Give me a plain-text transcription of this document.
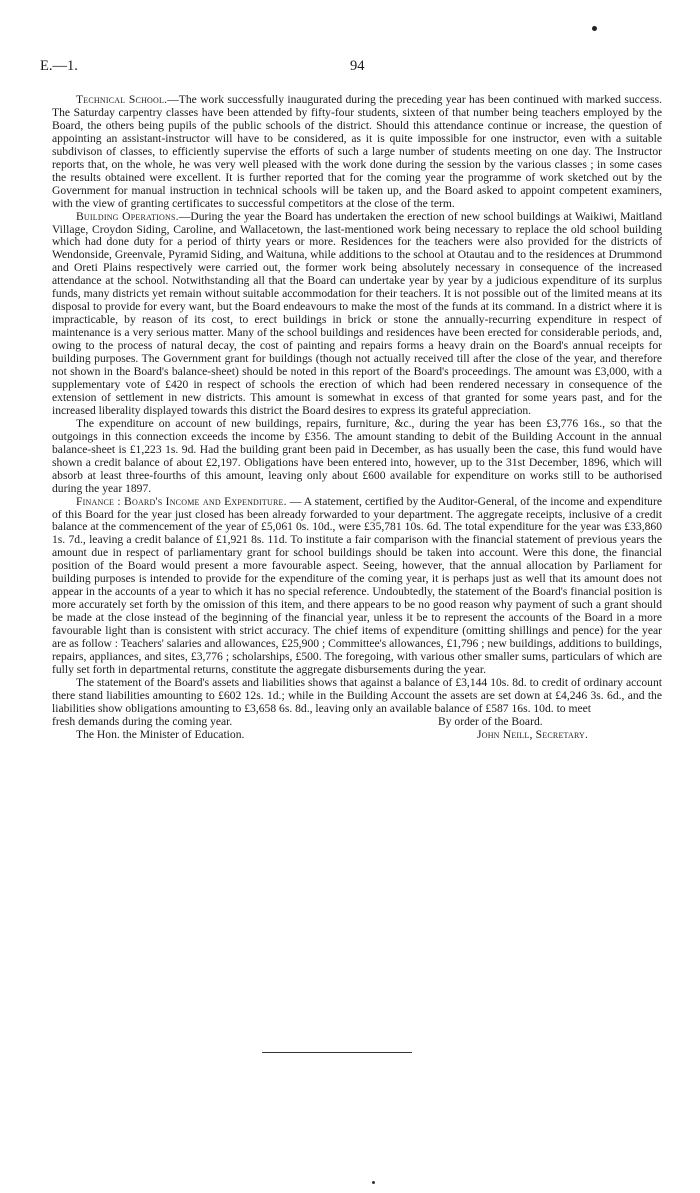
E.—1.	94

Technical School.—The work successfully inaugurated during the preceding year has been continued with marked success. The Saturday carpentry classes have been attended by fifty-four students, sixteen of that number being teachers employed by the Board, the others being pupils of the public schools of the district. Should this attendance continue or increase, the question of appointing an assistant-instructor will have to be considered, as it is quite impossible for one instructor, even with a suitable subdivison of classes, to efficiently supervise the efforts of such a large number of students meeting on one day. The Instructor reports that, on the whole, he was very well pleased with the work done during the session by the various classes ; in some cases the results obtained were excellent. It is further reported that for the coming year the programme of work sketched out by the Government for manual instruction in technical schools will be taken up, and the Board asked to appoint competent examiners, with the view of granting certificates to successful competitors at the close of the term.

Building Operations.—During the year the Board has undertaken the erection of new school buildings at Waikiwi, Maitland Village, Croydon Siding, Caroline, and Wallacetown, the last-mentioned work being necessary to replace the old school building which had done duty for a period of thirty years or more. Residences for the teachers were also provided for the districts of Wendonside, Greenvale, Pyramid Siding, and Waituna, while additions to the school at Otautau and to the residences at Drummond and Oreti Plains respectively were carried out, the former work being absolutely necessary in consequence of the increased attendance at the school. Notwithstanding all that the Board can undertake year by year by a judicious expenditure of its surplus funds, many districts yet remain without suitable accommodation for their teachers. It is not possible out of the limited means at its disposal to provide for every want, but the Board endeavours to make the most of the funds at its command. In a district where it is impracticable, by reason of its cost, to erect buildings in brick or stone the annually-recurring expenditure in respect of maintenance is a very serious matter. Many of the school buildings and residences have been erected for considerable periods, and, owing to the process of natural decay, the cost of painting and repairs forms a heavy drain on the Board's annual receipts for building purposes. The Government grant for buildings (though not actually received till after the close of the year, and therefore not shown in the Board's balance-sheet) should be noted in this report of the Board's proceedings. The amount was £3,000, with a supplementary vote of £420 in respect of schools the erection of which had been rendered necessary in consequence of the extension of settlement in new districts. This amount is somewhat in excess of that granted for some years past, and for the increased liberality displayed towards this district the Board desires to express its grateful appreciation.

The expenditure on account of new buildings, repairs, furniture, &c., during the year has been £3,776 16s., so that the outgoings in this connection exceeds the income by £356. The amount standing to debit of the Building Account in the annual balance-sheet is £1,223 1s. 9d. Had the building grant been paid in December, as has usually been the case, this fund would have shown a credit balance of about £2,197. Obligations have been entered into, however, up to the 31st December, 1896, which will absorb at least three-fourths of this amount, leaving only about £600 available for expenditure on works still to be authorised during the year 1897.

Finance : Board's Income and Expenditure. — A statement, certified by the Auditor-General, of the income and expenditure of this Board for the year just closed has been already forwarded to your department. The aggregate receipts, inclusive of a credit balance at the commencement of the year of £5,061 0s. 10d., were £35,781 10s. 6d. The total expenditure for the year was £33,860 1s. 7d., leaving a credit balance of £1,921 8s. 11d. To institute a fair comparison with the financial statement of previous years the amount due in respect of parliamentary grant for school buildings should be taken into account. Were this done, the financial position of the Board would present a more favourable aspect. Seeing, however, that the annual allocation by Parliament for building purposes is intended to provide for the expenditure of the coming year, it is perhaps just as well that its amount does not appear in the accounts of a year to which it has no special reference. Undoubtedly, the statement of the Board's financial position is more accurately set forth by the omission of this item, and there appears to be no good reason why payment of such a grant should be made at the close instead of the beginning of the financial year, unless it be to represent the accounts of the Board in a more favourable light than is consistent with strict accuracy. The chief items of expenditure (omitting shillings and pence) for the year are as follow : Teachers' salaries and allowances, £25,900 ; Committee's allowances, £1,796 ; new buildings, additions to buildings, repairs, appliances, and sites, £3,776 ; scholarships, £500. The foregoing, with various other smaller sums, particulars of which are fully set forth in departmental returns, constitute the aggregate disbursements during the year.

The statement of the Board's assets and liabilities shows that against a balance of £3,144 10s. 8d. to credit of ordinary account there stand liabilities amounting to £602 12s. 1d.; while in the Building Account the assets are set down at £4,246 3s. 6d., and the liabilities show obligations amounting to £3,658 6s. 8d., leaving only an available balance of £587 16s. 10d. to meet

fresh demands during the coming year.	By order of the Board.
The Hon. the Minister of Education.	John Neill, Secretary.
